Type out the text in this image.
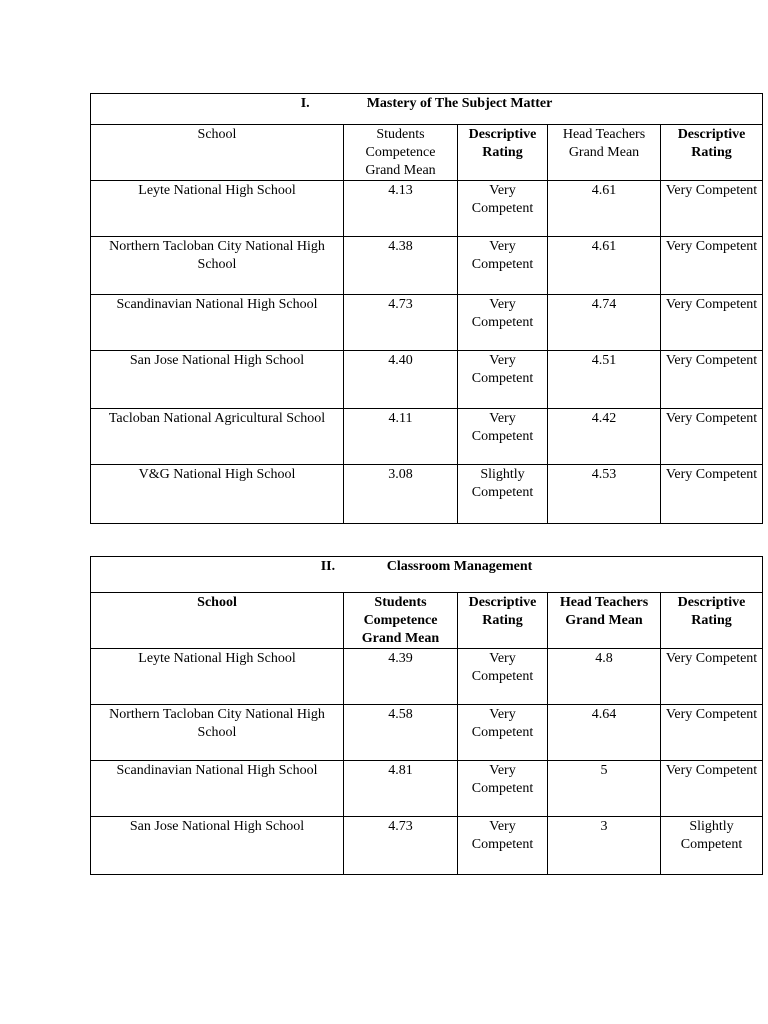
I. Mastery of The Subject Matter				
School	Students Competence Grand Mean	Descriptive Rating	Head Teachers Grand Mean	Descriptive Rating
Leyte National High School	4.13	Very Competent	4.61	Very Competent
Northern Tacloban City National High School	4.38	Very Competent	4.61	Very Competent
Scandinavian National High School	4.73	Very Competent	4.74	Very Competent
San Jose National High School	4.40	Very Competent	4.51	Very Competent
Tacloban National Agricultural School	4.11	Very Competent	4.42	Very Competent
V&G National High School	3.08	Slightly Competent	4.53	Very Competent
II. Classroom Management				
School	Students Competence Grand Mean	Descriptive Rating	Head Teachers Grand Mean	Descriptive Rating
Leyte National High School	4.39	Very Competent	4.8	Very Competent
Northern Tacloban City National High School	4.58	Very Competent	4.64	Very Competent
Scandinavian National High School	4.81	Very Competent	5	Very Competent
San Jose National High School	4.73	Very Competent	3	Slightly Competent
